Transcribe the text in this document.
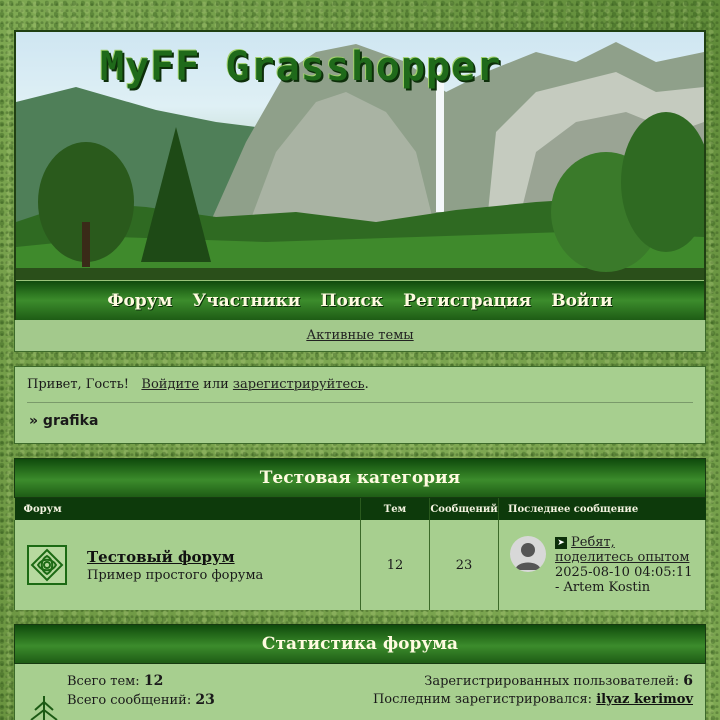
MyFF Grasshopper
Форум Участники Поиск Регистрация Войти
Активные темы
Привет, Гость! Войдите или зарегистрируйтесь.
» grafika
Тестовая категория
Форум	Тем	Сообщений	Последнее сообщение

Тестовый форум
Пример простого форума	12	23	➤ Ребят, поделитесь опытом
2025-08-10 04:05:11 - Artem Kostin
Статистика форума
Всего тем: 12
Всего сообщений: 23
Зарегистрированных пользователей: 6
Последним зарегистрировался: ilyaz kerimov
